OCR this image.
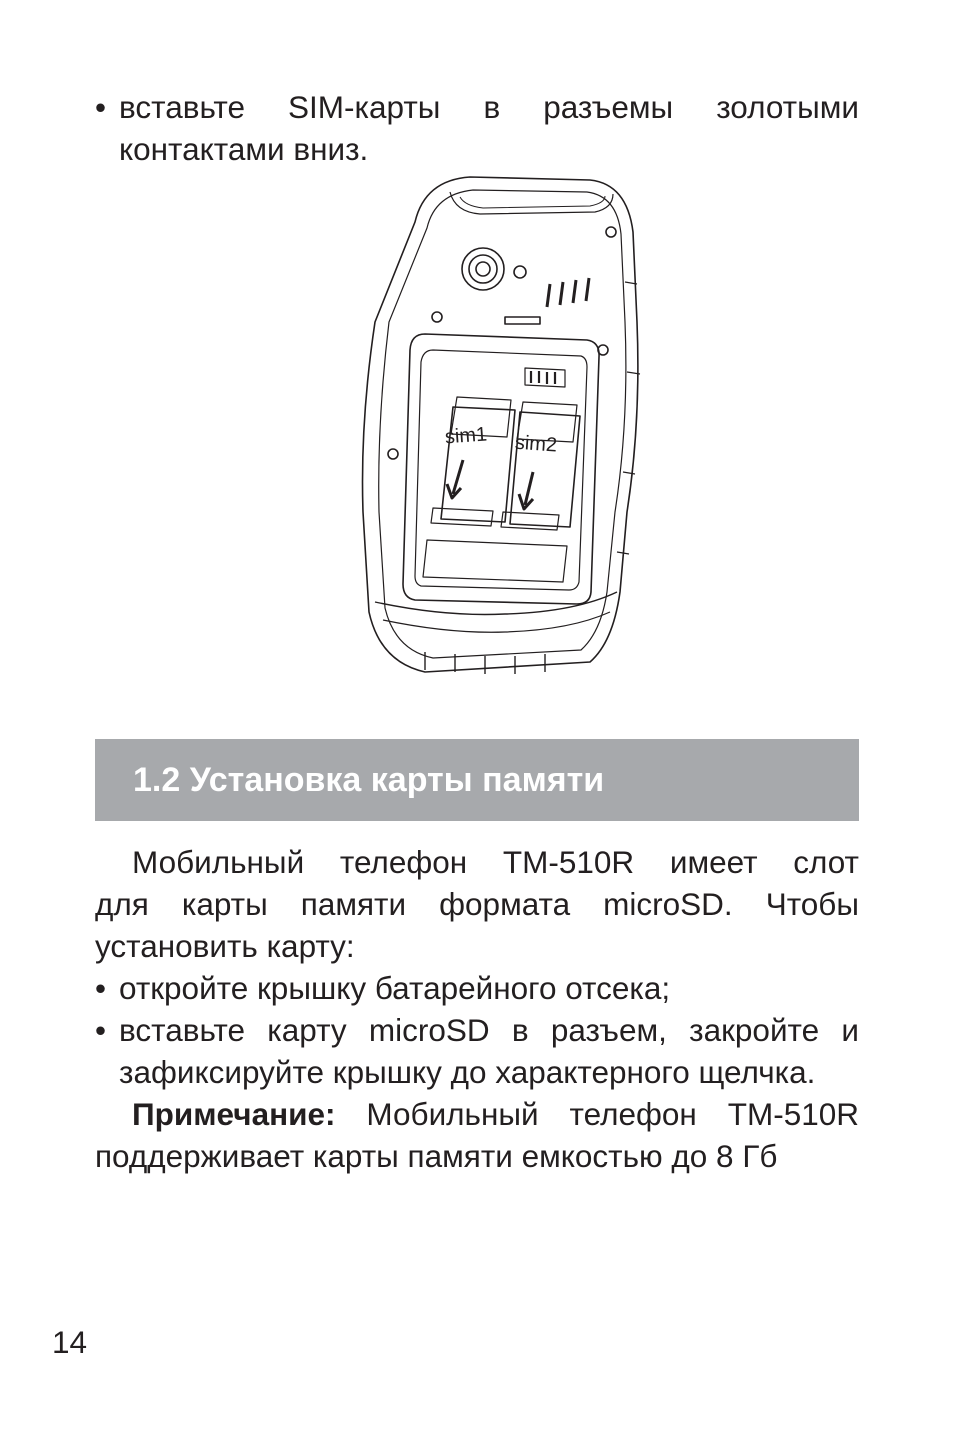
• вставьте SIM-карты в разъемы золотыми
контактами вниз.
sim1 sim2
1.2 Установка карты памяти
Мобильный телефон TM-510R имеет слот
для карты памяти формата microSD. Чтобы
установить карту:
• откройте крышку батарейного отсека;
• вставьте карту microSD в разъем, закройте и
зафиксируйте крышку до характерного щелчка.
Примечание: Мобильный телефон TM-510R
поддерживает карты памяти емкостью до 8 Гб
14
